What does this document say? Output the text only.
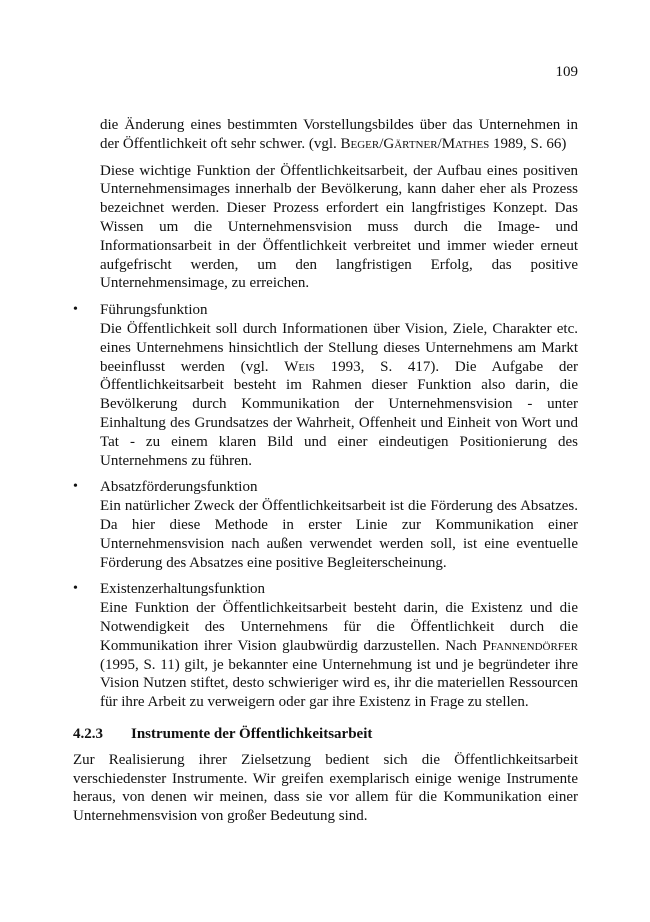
109

die Änderung eines bestimmten Vorstellungsbildes über das Unternehmen in der Öffentlichkeit oft sehr schwer. (vgl. Beger/Gärtner/Mathes 1989, S. 66)

Diese wichtige Funktion der Öffentlichkeitsarbeit, der Aufbau eines positiven Unternehmensimages innerhalb der Bevölkerung, kann daher eher als Prozess bezeichnet werden. Dieser Prozess erfordert ein langfristiges Konzept. Das Wissen um die Unternehmensvision muss durch die Image- und Informationsarbeit in der Öffentlichkeit verbreitet und immer wieder erneut aufgefrischt werden, um den langfristigen Erfolg, das positive Unternehmensimage, zu erreichen.

•	Führungsfunktion

Die Öffentlichkeit soll durch Informationen über Vision, Ziele, Charakter etc. eines Unternehmens hinsichtlich der Stellung dieses Unternehmens am Markt beeinflusst werden (vgl. Weis 1993, S. 417). Die Aufgabe der Öffentlichkeitsarbeit besteht im Rahmen dieser Funktion also darin, die Bevölkerung durch Kommunikation der Unternehmensvision - unter Einhaltung des Grundsatzes der Wahrheit, Offenheit und Einheit von Wort und Tat - zu einem klaren Bild und einer eindeutigen Positionierung des Unternehmens zu führen.

•	Absatzförderungsfunktion

Ein natürlicher Zweck der Öffentlichkeitsarbeit ist die Förderung des Absatzes. Da hier diese Methode in erster Linie zur Kommunikation einer Unternehmensvision nach außen verwendet werden soll, ist eine eventuelle Förderung des Absatzes eine positive Begleiterscheinung.

•	Existenzerhaltungsfunktion

Eine Funktion der Öffentlichkeitsarbeit besteht darin, die Existenz und die Notwendigkeit des Unternehmens für die Öffentlichkeit durch die Kommunikation ihrer Vision glaubwürdig darzustellen. Nach Pfannendörfer (1995, S. 11) gilt, je bekannter eine Unternehmung ist und je begründeter ihre Vision Nutzen stiftet, desto schwieriger wird es, ihr die materiellen Ressourcen für ihre Arbeit zu verweigern oder gar ihre Existenz in Frage zu stellen.

4.2.3	Instrumente der Öffentlichkeitsarbeit

Zur Realisierung ihrer Zielsetzung bedient sich die Öffentlichkeitsarbeit verschiedenster Instrumente. Wir greifen exemplarisch einige wenige Instrumente heraus, von denen wir meinen, dass sie vor allem für die Kommunikation einer Unternehmensvision von großer Bedeutung sind.
